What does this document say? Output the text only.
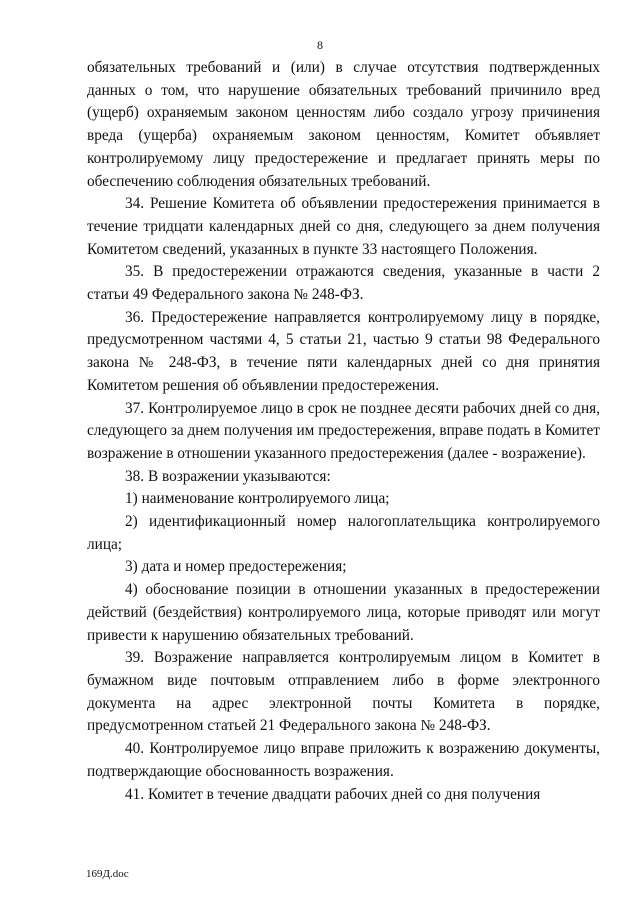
8

обязательных требований и (или) в случае отсутствия подтвержденных данных о том, что нарушение обязательных требований причинило вред (ущерб) охраняемым законом ценностям либо создало угрозу причинения вреда (ущерба) охраняемым законом ценностям, Комитет объявляет контролируемому лицу предостережение и предлагает принять меры по обеспечению соблюдения обязательных требований.

34. Решение Комитета об объявлении предостережения принимается в течение тридцати календарных дней со дня, следующего за днем получения Комитетом сведений, указанных в пункте 33 настоящего Положения.

35. В предостережении отражаются сведения, указанные в части 2 статьи 49 Федерального закона № 248-ФЗ.

36. Предостережение направляется контролируемому лицу в порядке, предусмотренном частями 4, 5 статьи 21, частью 9 статьи 98 Федерального закона № 248-ФЗ, в течение пяти календарных дней со дня принятия Комитетом решения об объявлении предостережения.

37. Контролируемое лицо в срок не позднее десяти рабочих дней со дня, следующего за днем получения им предостережения, вправе подать в Комитет возражение в отношении указанного предостережения (далее - возражение).

38. В возражении указываются:

1) наименование контролируемого лица;

2) идентификационный номер налогоплательщика контролируемого лица;

3) дата и номер предостережения;

4) обоснование позиции в отношении указанных в предостережении действий (бездействия) контролируемого лица, которые приводят или могут привести к нарушению обязательных требований.

39. Возражение направляется контролируемым лицом в Комитет в бумажном виде почтовым отправлением либо в форме электронного документа на адрес электронной почты Комитета в порядке, предусмотренном статьей 21 Федерального закона № 248-ФЗ.

40. Контролируемое лицо вправе приложить к возражению документы, подтверждающие обоснованность возражения.

41. Комитет в течение двадцати рабочих дней со дня получения

169Д.doc
